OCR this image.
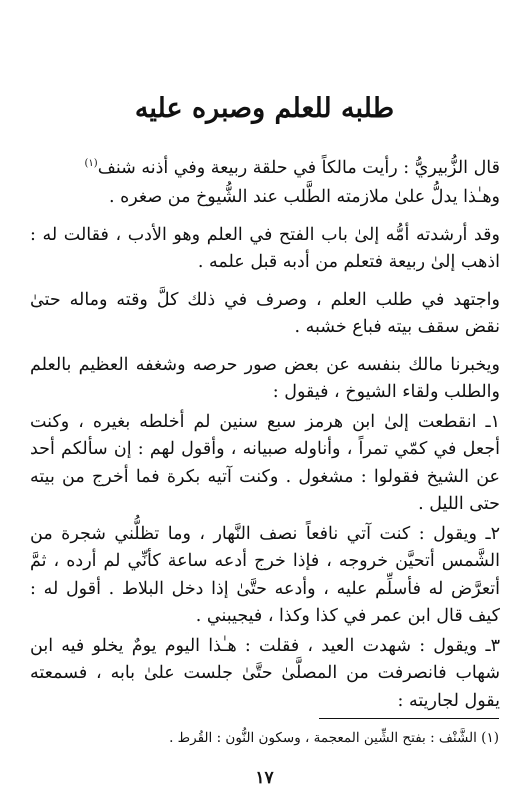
طلبه للعلم وصبره عليه

قال الزُّبيريُّ : رأيت مالكاً في حلقة ربيعة وفي أذنه شنف$^{(١)}$

وهـٰذا يدلُّ علىٰ ملازمته الطَّلب عند الشُّيوخ من صغره .

وقد أرشدته أمُّه إلىٰ باب الفتح في العلم وهو الأدب ، فقالت له : اذهب إلىٰ ربيعة فتعلم من أدبه قبل علمه .

واجتهد في طلب العلم ، وصرف في ذلك كلَّ وقته وماله حتىٰ نقض سقف بيته فباع خشبه .

ويخبرنا مالك بنفسه عن بعض صور حرصه وشغفه العظيم بالعلم والطلب ولقاء الشيوخ ، فيقول :

١ـ انقطعت إلىٰ ابن هرمز سبع سنين لم أخلطه بغيره ، وكنت أجعل في كمّي تمراً ، وأناوله صبيانه ، وأقول لهم : إن سألكم أحد عن الشيخ فقولوا : مشغول . وكنت آتيه بكرة فما أخرج من بيته حتى الليل .

٢ـ ويقول : كنت آتي نافعاً نصف النَّهار ، وما تظلُّني شجرة من الشَّمس أتحيَّن خروجه ، فإذا خرج أدعه ساعة كأنِّي لم أرده ، ثمَّ أتعرَّض له فأسلِّم عليه ، وأدعه حتَّىٰ إذا دخل البلاط . أقول له : كيف قال ابن عمر في كذا وكذا ، فيجيبني .

٣ـ ويقول : شهدت العيد ، فقلت : هـٰذا اليوم يومٌ يخلو فيه ابن شهاب فانصرفت من المصلَّىٰ حتَّىٰ جلست علىٰ بابه ، فسمعته يقول لجاريته :

(١) الشَّنْف : بفتح الشِّين المعجمة ، وسكون النُّون : القُرط .
١٧
